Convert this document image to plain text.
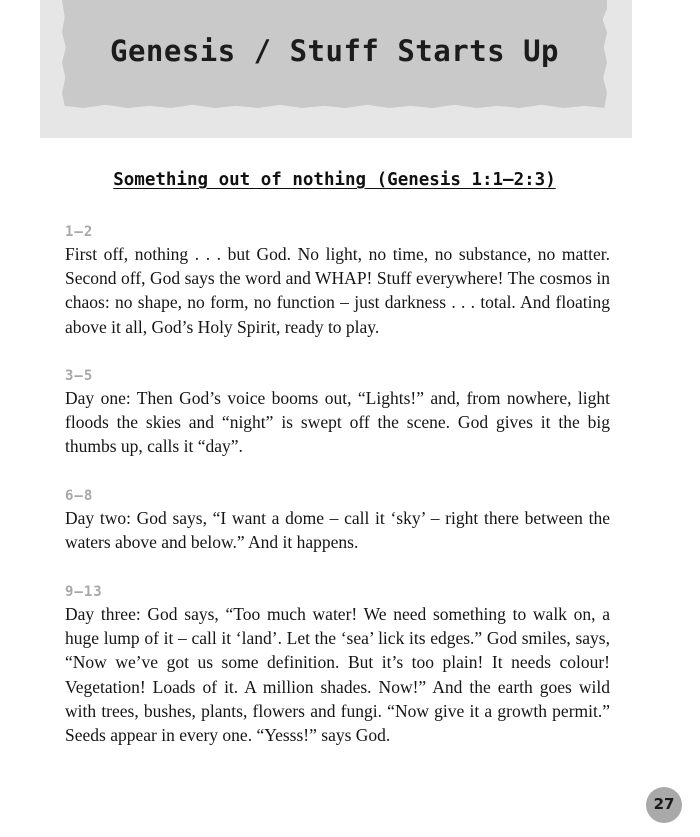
Genesis / Stuff Starts Up
Something out of nothing (Genesis 1:1–2:3)
1–2

First off, nothing . . . but God. No light, no time, no substance, no matter. Second off, God says the word and WHAP! Stuff everywhere! The cosmos in chaos: no shape, no form, no function – just darkness . . . total. And floating above it all, God’s Holy Spirit, ready to play.

3–5

Day one: Then God’s voice booms out, “Lights!” and, from nowhere, light floods the skies and “night” is swept off the scene. God gives it the big thumbs up, calls it “day”.

6–8

Day two: God says, “I want a dome – call it ‘sky’ – right there between the waters above and below.” And it happens.

9–13

Day three: God says, “Too much water! We need something to walk on, a huge lump of it – call it ‘land’. Let the ‘sea’ lick its edges.” God smiles, says, “Now we’ve got us some definition. But it’s too plain! It needs colour! Vegetation! Loads of it. A million shades. Now!” And the earth goes wild with trees, bushes, plants, flowers and fungi. “Now give it a growth permit.” Seeds appear in every one. “Yesss!” says God.

27
